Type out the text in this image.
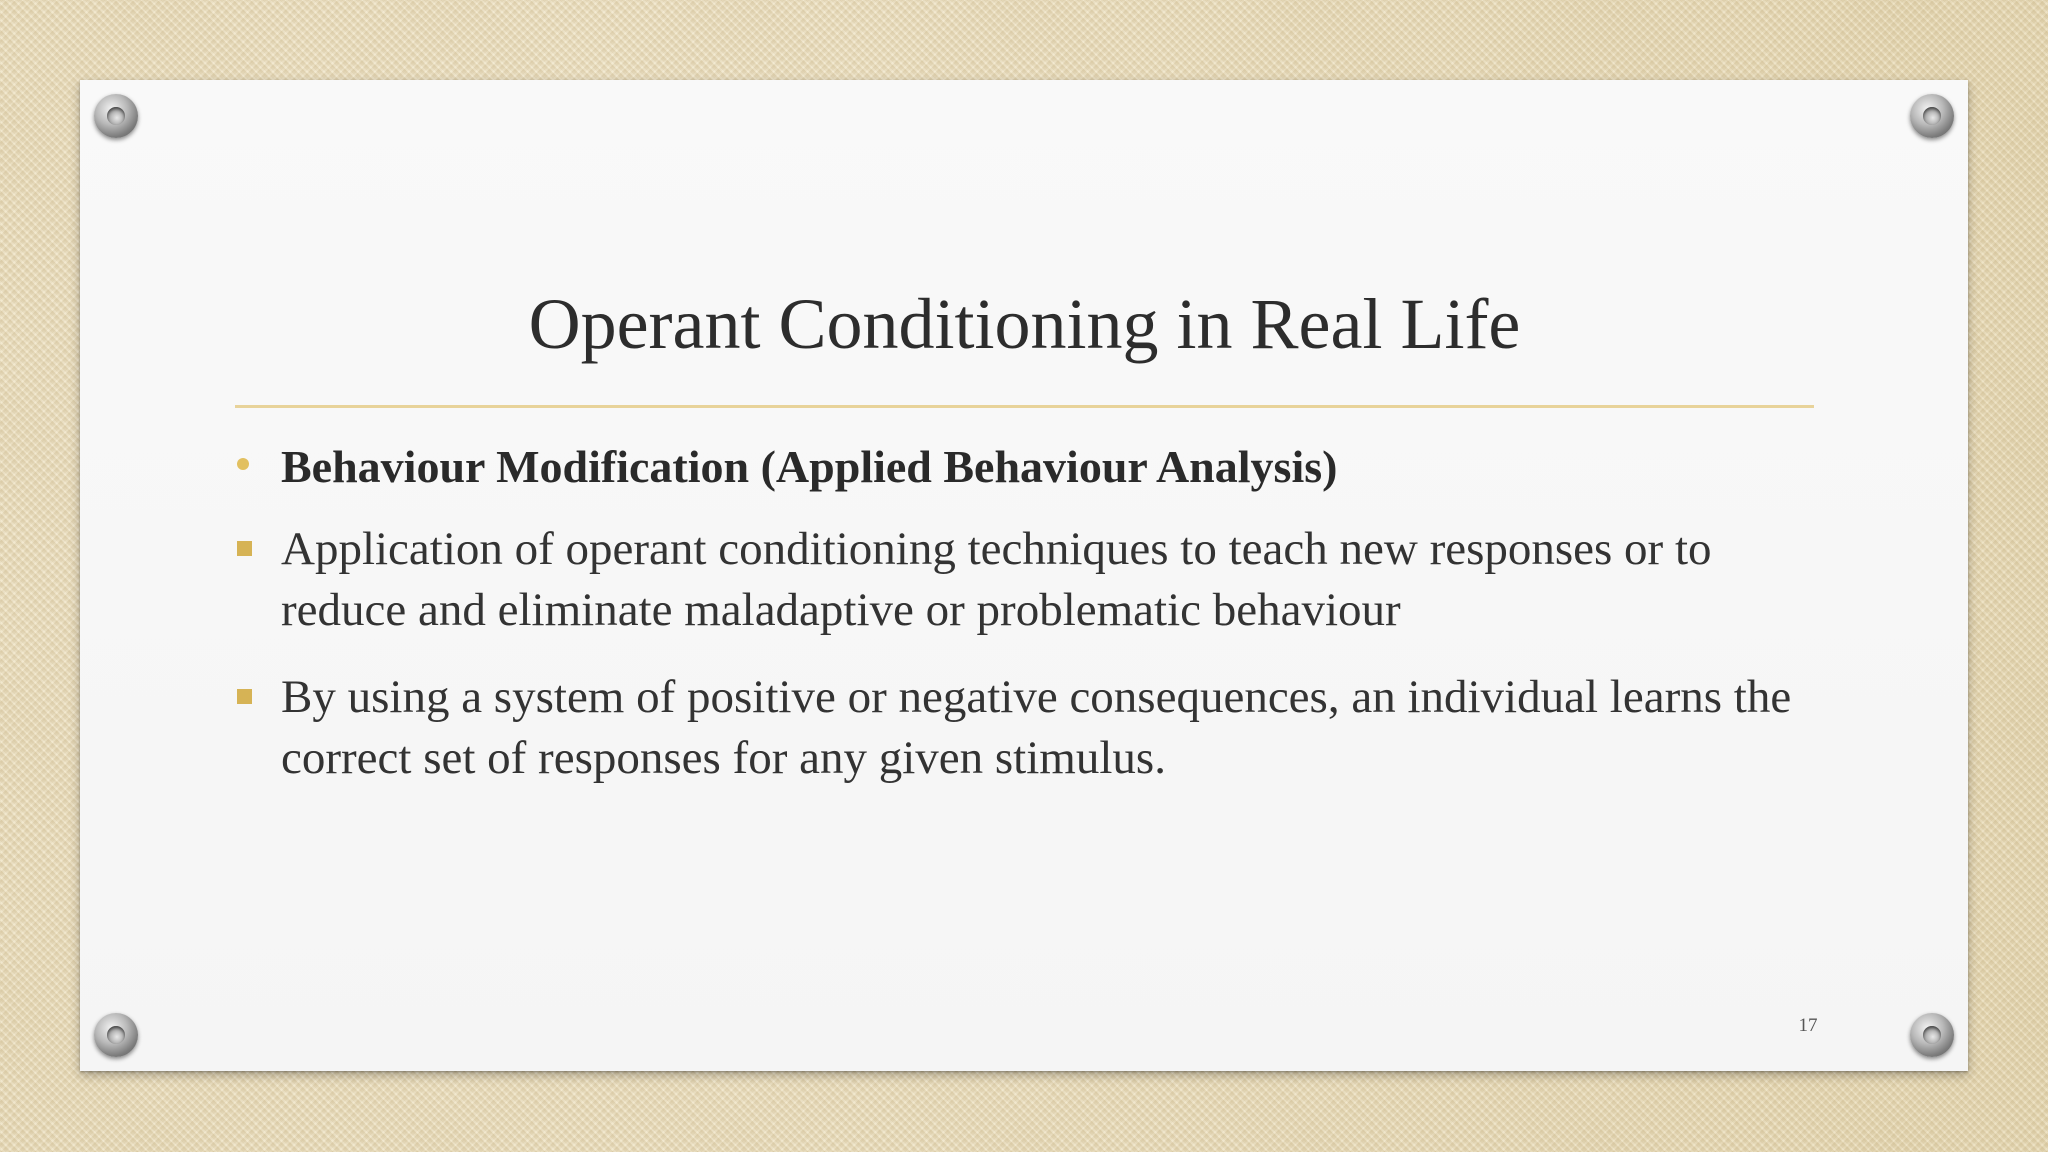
Operant Conditioning in Real Life
Behaviour Modification (Applied Behaviour Analysis)
Application of operant conditioning techniques to teach new responses or to reduce and eliminate maladaptive or problematic behaviour
By using a system of positive or negative consequences, an individual learns the correct set of responses for any given stimulus.
17
